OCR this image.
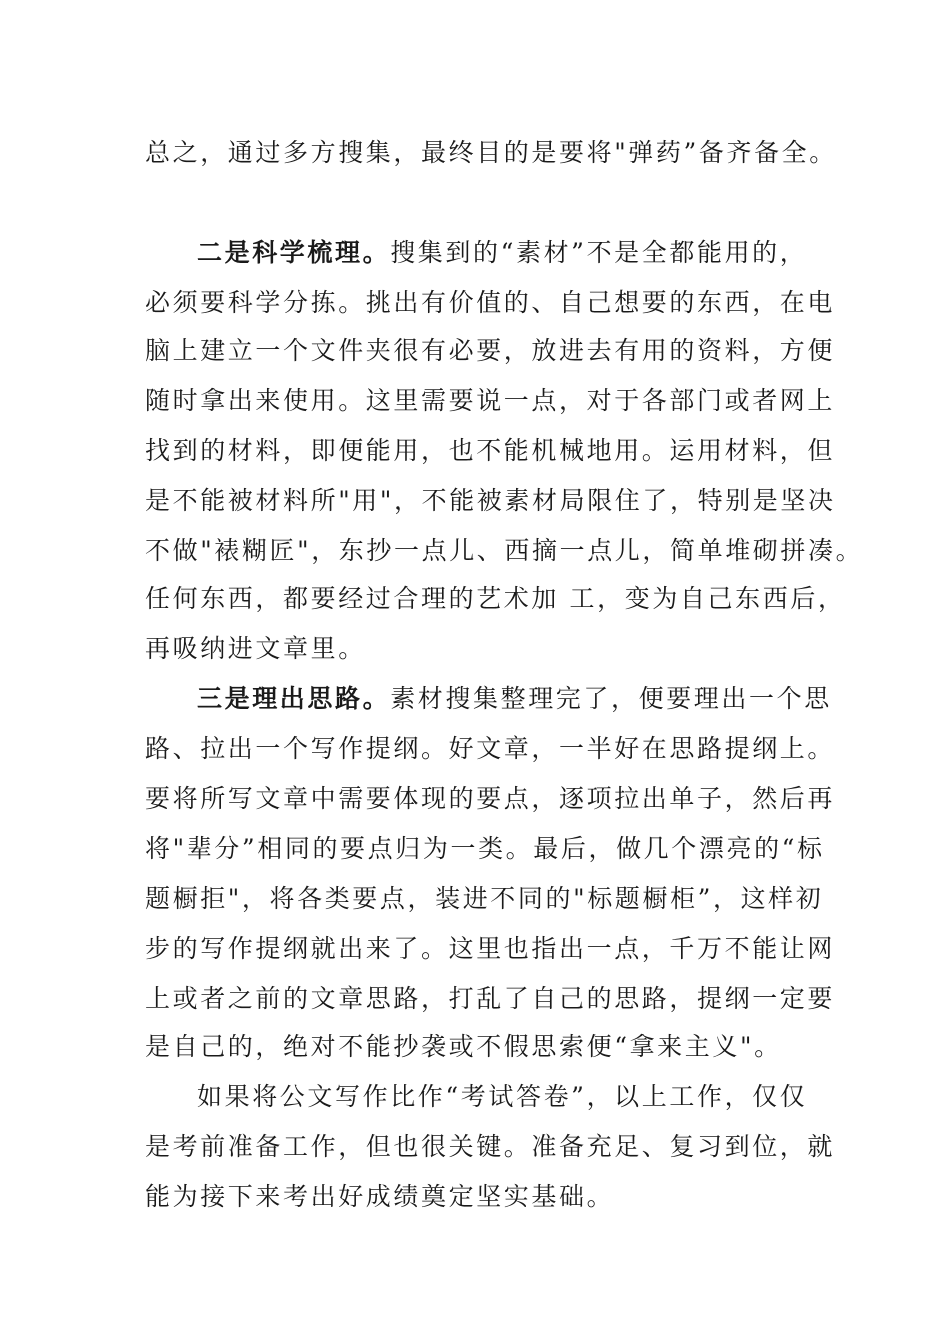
总之，通过多方搜集，最终目的是要将"弹药”备齐备全。
二是科学梳理。搜集到的“素材”不是全都能用的，
必须要科学分拣。挑出有价值的、自己想要的东西，在电
脑上建立一个文件夹很有必要，放进去有用的资料，方便
随时拿出来使用。这里需要说一点，对于各部门或者网上
找到的材料，即便能用，也不能机械地用。运用材料，但
是不能被材料所"用"，不能被素材局限住了，特别是坚决
不做"裱糊匠"，东抄一点儿、西摘一点儿，简单堆砌拼凑。
任何东西，都要经过合理的艺术加 工，变为自己东西后，
再吸纳进文章里。
三是理出思路。素材搜集整理完了，便要理出一个思
路、拉出一个写作提纲。好文章，一半好在思路提纲上。
要将所写文章中需要体现的要点，逐项拉出单子，然后再
将"辈分”相同的要点归为一类。最后，做几个漂亮的“标
题橱拒"，将各类要点，装进不同的"标题橱柜”，这样初
步的写作提纲就出来了。这里也指出一点，千万不能让网
上或者之前的文章思路，打乱了自己的思路，提纲一定要
是自己的，绝对不能抄袭或不假思索便“拿来主义"。
如果将公文写作比作“考试答卷”，以上工作，仅仅
是考前准备工作，但也很关键。准备充足、复习到位，就
能为接下来考出好成绩奠定坚实基础。
